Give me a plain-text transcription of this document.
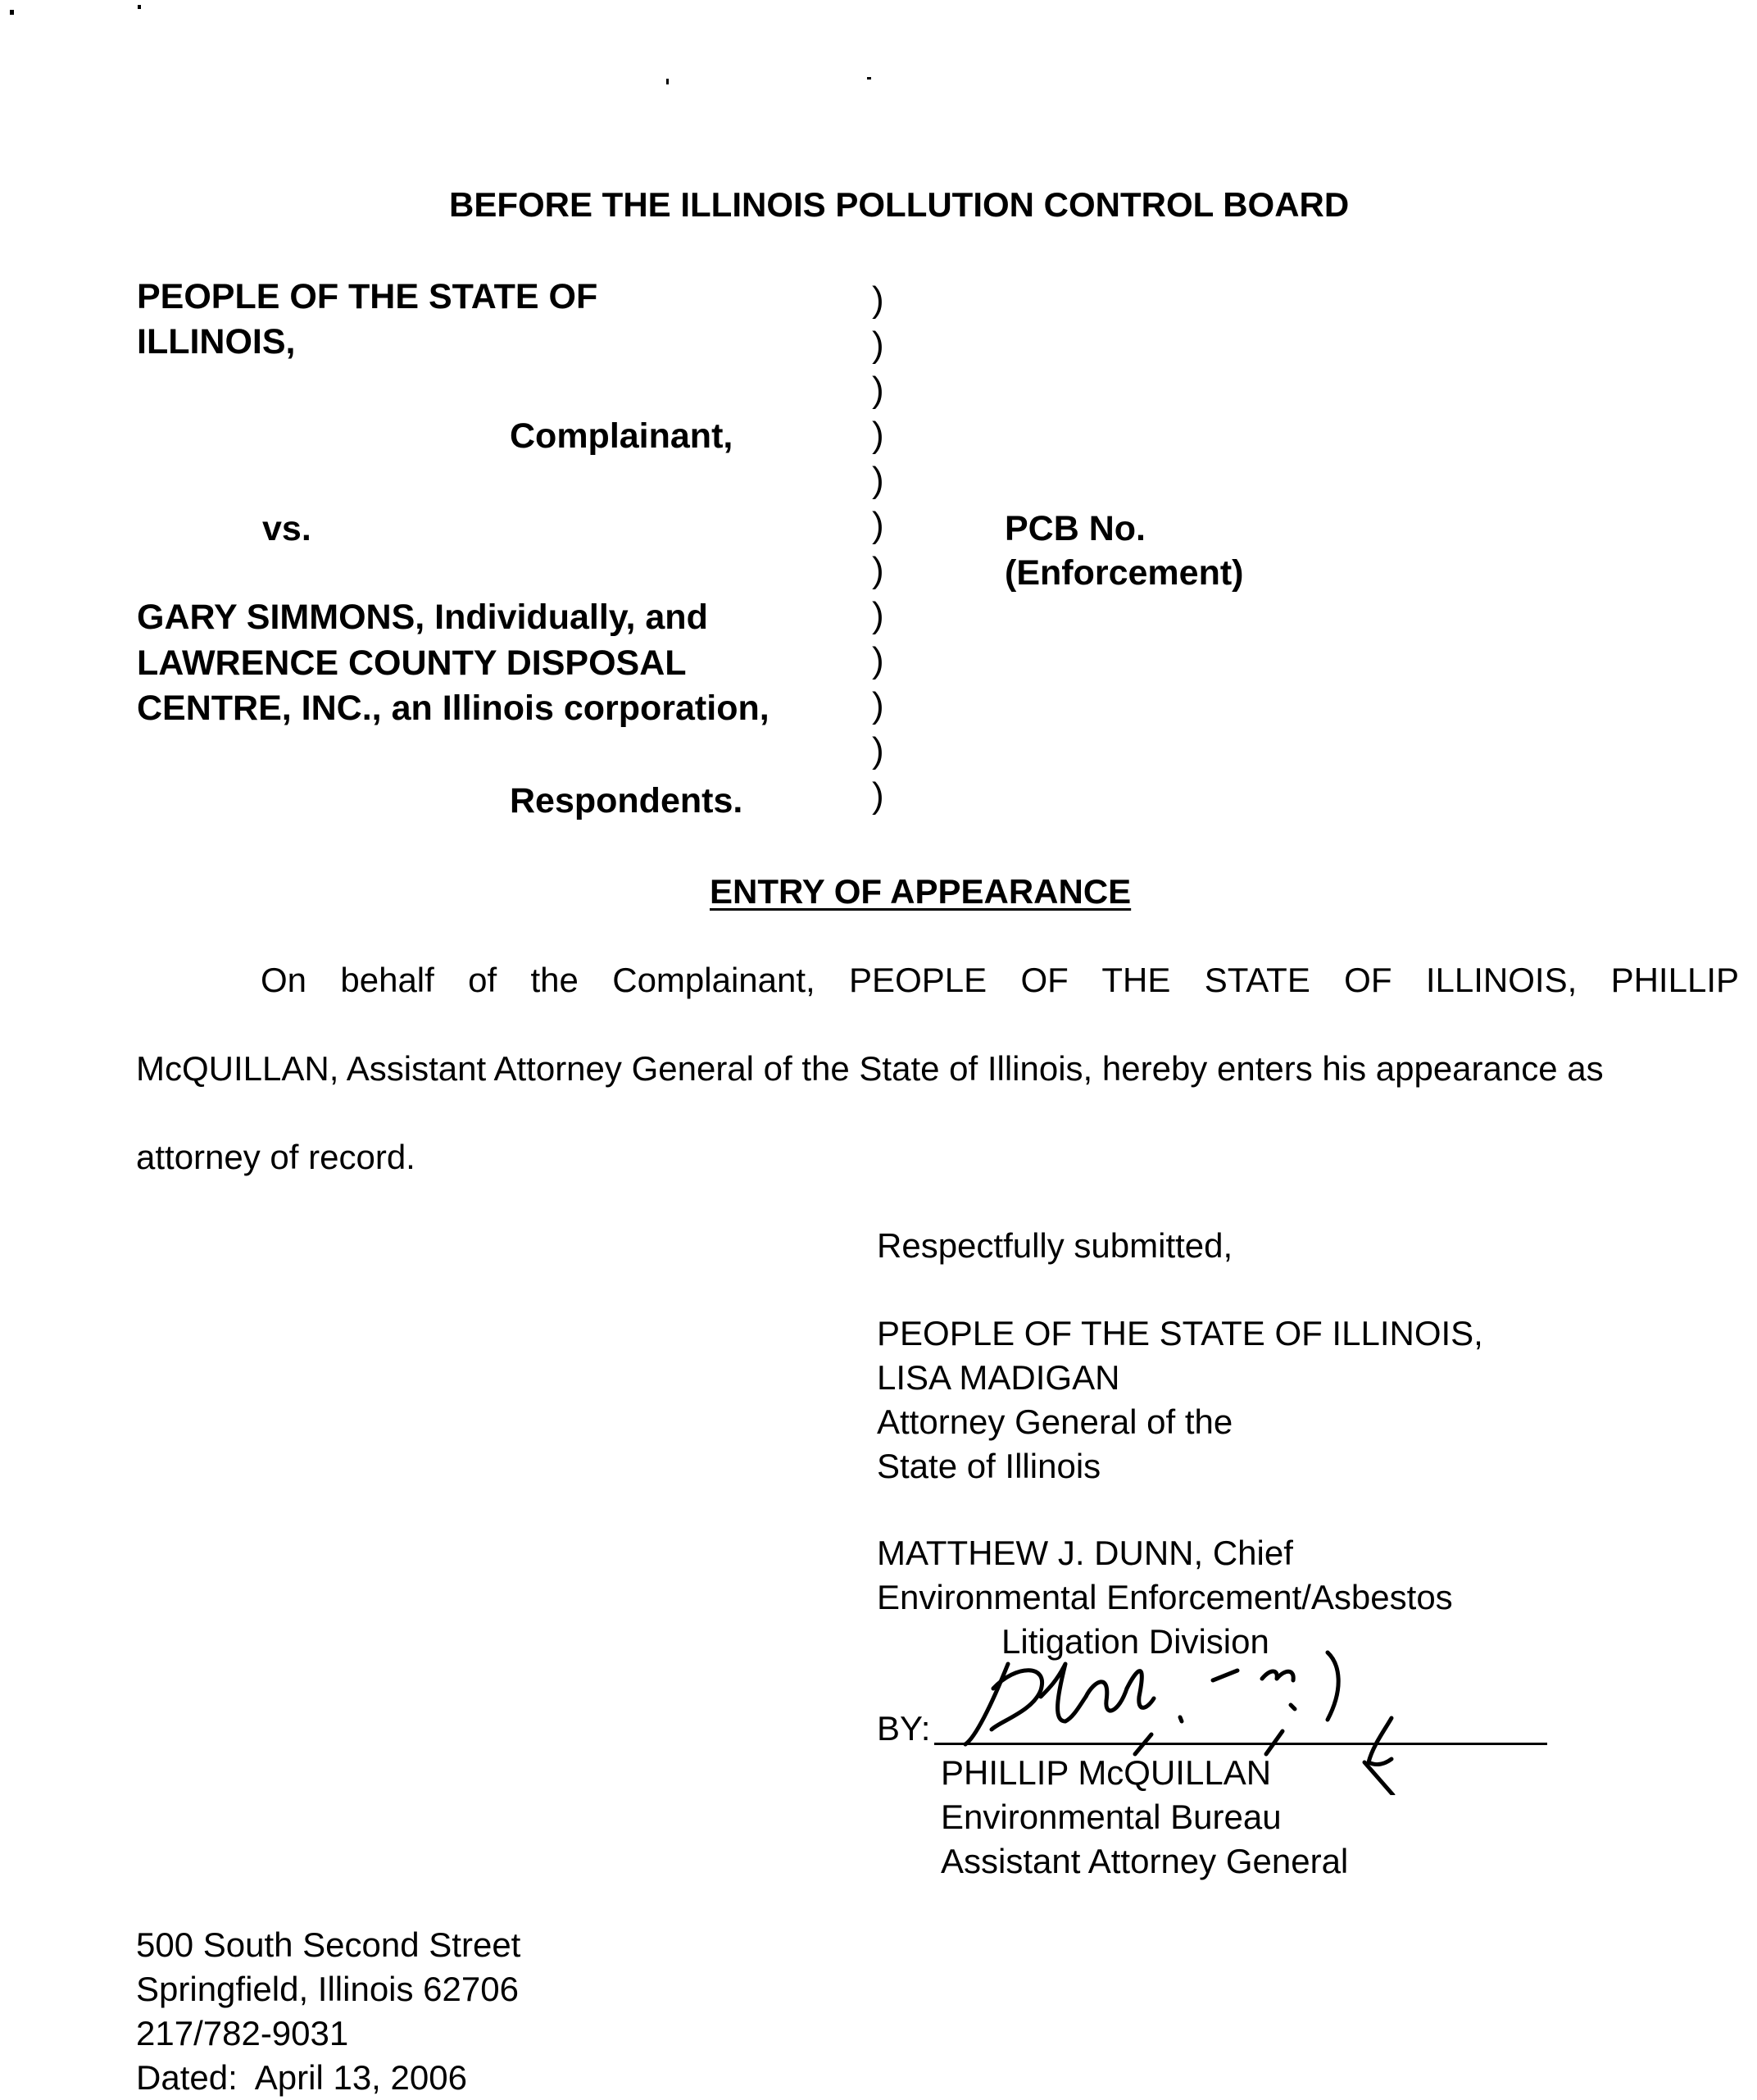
BEFORE THE ILLINOIS POLLUTION CONTROL BOARD
PEOPLE OF THE STATE OF
ILLINOIS,
Complainant,
vs.
GARY SIMMONS, Individually, and
LAWRENCE COUNTY DISPOSAL
CENTRE, INC., an Illinois corporation,
Respondents.
)
)
)
)
)
)
)
)
)
)
)
)
PCB No.
(Enforcement)
ENTRY OF APPEARANCE
On behalf of the Complainant, PEOPLE OF THE STATE OF ILLINOIS, PHILLIP
McQUILLAN, Assistant Attorney General of the State of Illinois, hereby enters his appearance as
attorney of record.
Respectfully submitted,
PEOPLE OF THE STATE OF ILLINOIS,
LISA MADIGAN
Attorney General of the
State of Illinois
MATTHEW J. DUNN, Chief
Environmental Enforcement/Asbestos
Litigation Division
BY:
PHILLIP McQUILLAN
Environmental Bureau
Assistant Attorney General
500 South Second Street
Springfield, Illinois 62706
217/782-9031
Dated:  April 13, 2006
